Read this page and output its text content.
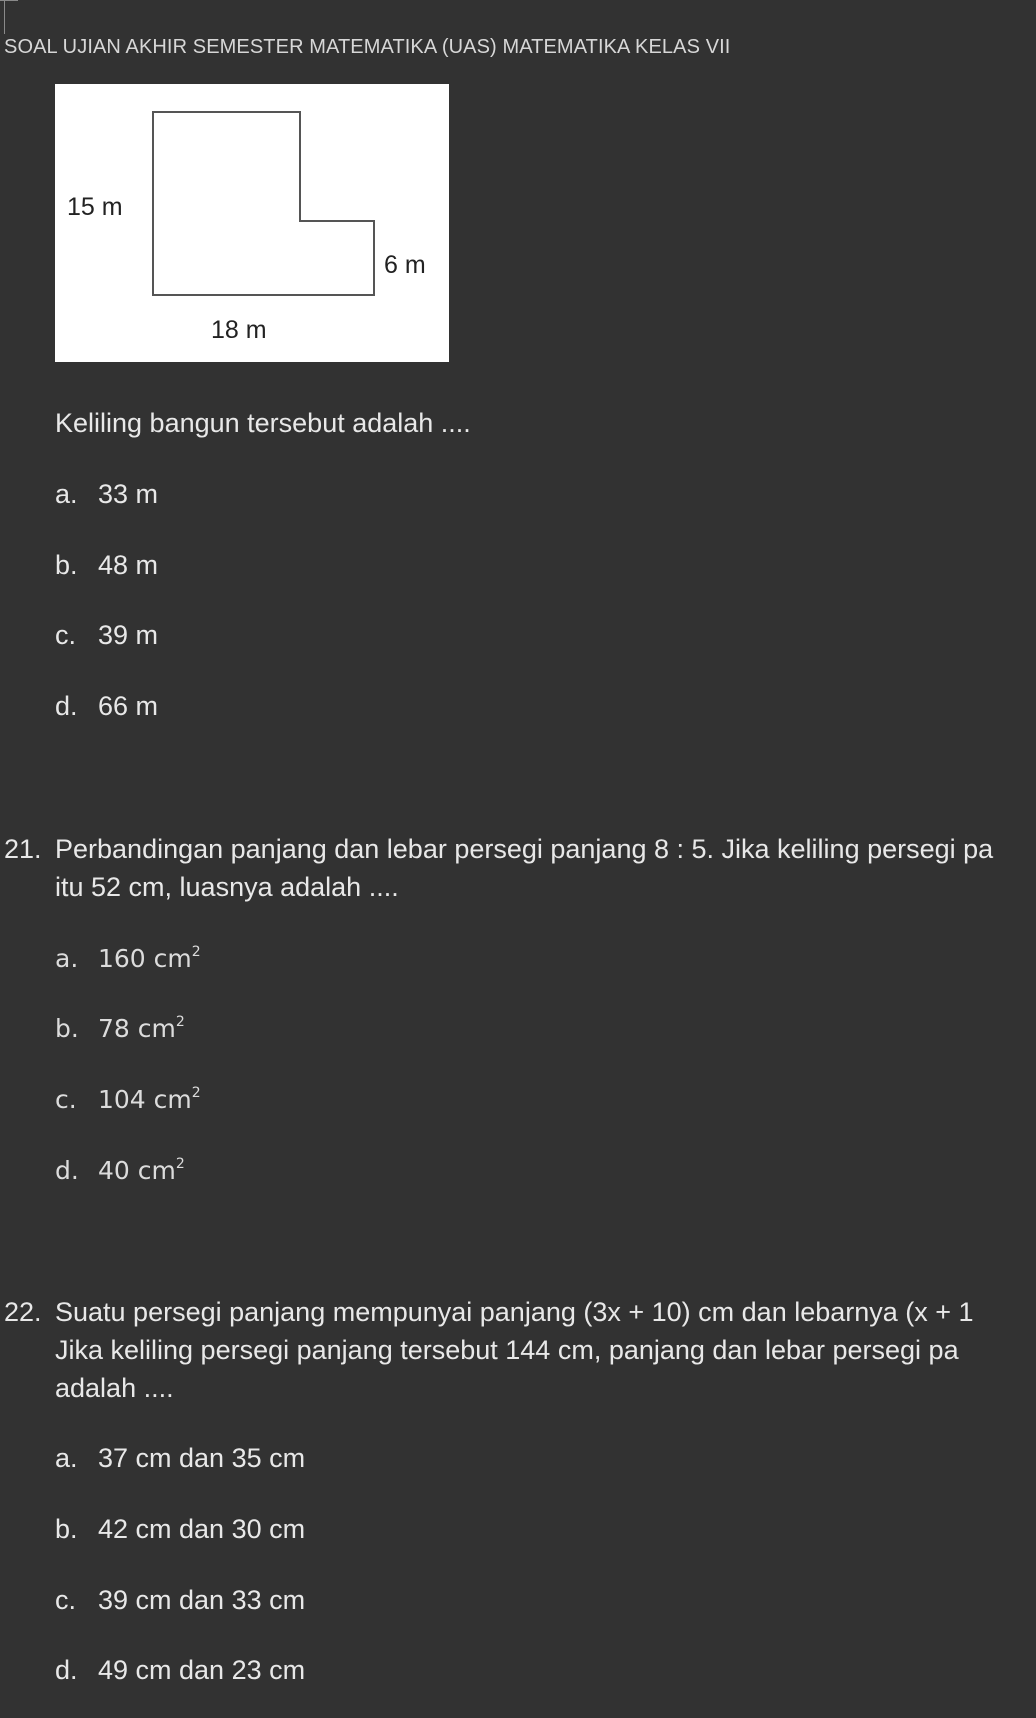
SOAL UJIAN AKHIR SEMESTER MATEMATIKA (UAS) MATEMATIKA KELAS VII
15 m
6 m
18 m
Keliling bangun tersebut adalah ....
a. 33 m
b. 48 m
c. 39 m
d. 66 m
21. Perbandingan panjang dan lebar persegi panjang 8 : 5. Jika keliling persegi pa
itu 52 cm, luasnya adalah ....
a. 160 $cm^2$
b. 78 $cm^2$
c. 104 $cm^2$
d. 40 $cm^2$
22. Suatu persegi panjang mempunyai panjang (3x + 10) cm dan lebarnya (x + 1
Jika keliling persegi panjang tersebut 144 cm, panjang dan lebar persegi pa
adalah ....
a. 37 cm dan 35 cm
b. 42 cm dan 30 cm
c. 39 cm dan 33 cm
d. 49 cm dan 23 cm
